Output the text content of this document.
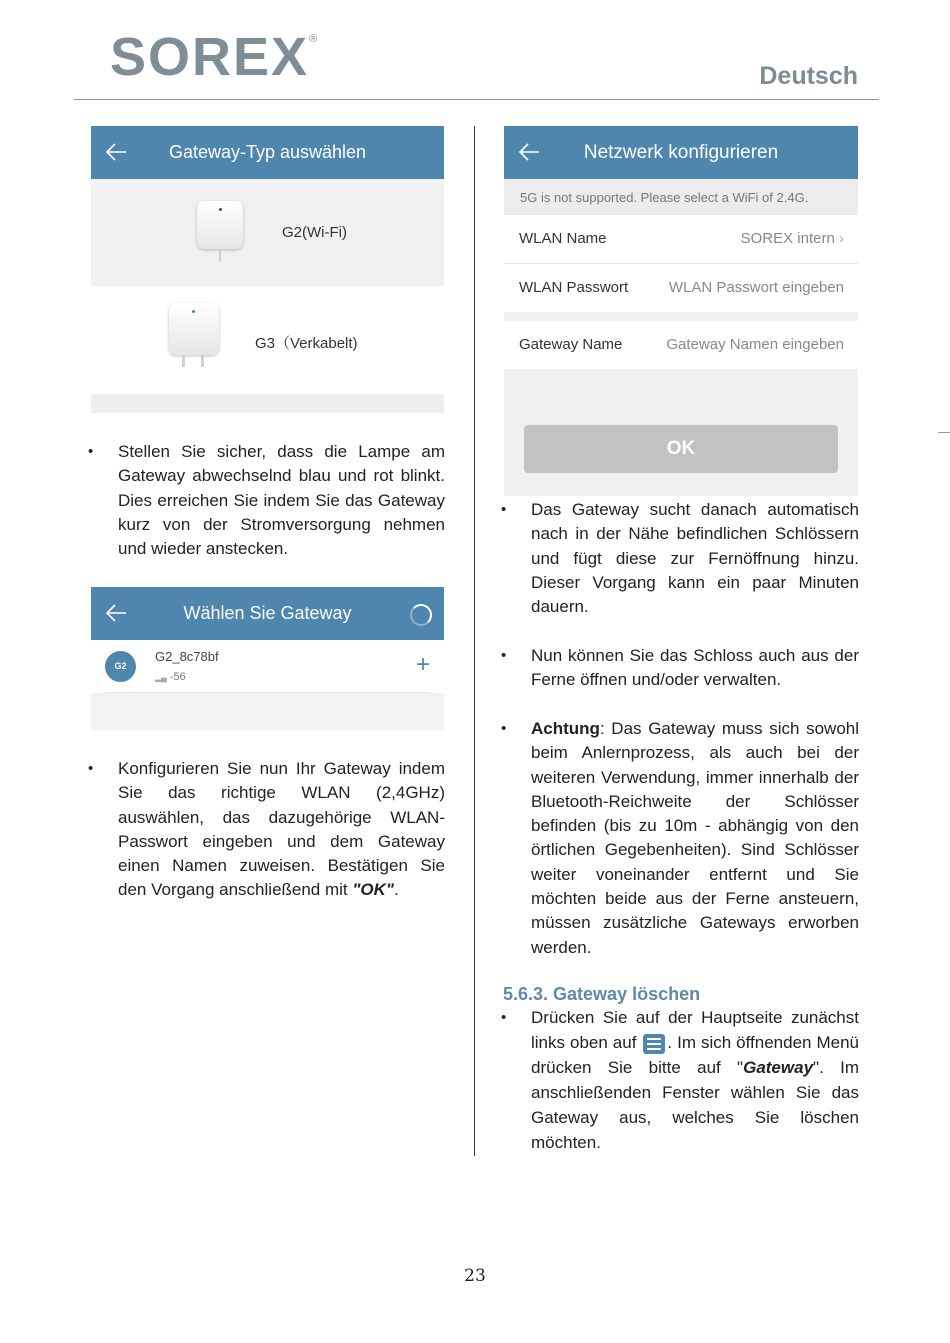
SOREX®
Deutsch
Gateway-Typ auswählen
G2(Wi-Fi)
G3（Verkabelt)
• Stellen Sie sicher, dass die Lampe am Gateway abwechselnd blau und rot blinkt. Dies erreichen Sie indem Sie das Gateway kurz von der Stromversorgung nehmen und wieder anstecken.
Wählen Sie Gateway
G2
G2_8c78bf
▂▄ -56	+
• Konfigurieren Sie nun Ihr Gateway indem Sie das richtige WLAN (2,4GHz) auswählen, das dazugehörige WLAN-Passwort eingeben und dem Gateway einen Namen zuweisen. Bestätigen Sie den Vorgang anschließend mit "OK".
Netzwerk konfigurieren
5G is not supported. Please select a WiFi of 2.4G.
WLAN Name	SOREX intern ›
WLAN Passwort	WLAN Passwort eingeben
Gateway Name	Gateway Namen eingeben
OK
• Das Gateway sucht danach automatisch nach in der Nähe befindlichen Schlössern und fügt diese zur Fernöffnung hinzu. Dieser Vorgang kann ein paar Minuten dauern.
• Nun können Sie das Schloss auch aus der Ferne öffnen und/oder verwalten.
• Achtung: Das Gateway muss sich sowohl beim Anlernprozess, als auch bei der weiteren Verwendung, immer innerhalb der Bluetooth-Reichweite der Schlösser befinden (bis zu 10m - abhängig von den örtlichen Gegebenheiten). Sind Schlösser weiter voneinander entfernt und Sie möchten beide aus der Ferne ansteuern, müssen zusätzliche Gateways erworben werden.
5.6.3. Gateway löschen
• Drücken Sie auf der Hauptseite zunächst links oben auf
. Im sich öffnenden Menü drücken Sie bitte auf "Gateway". Im anschließenden Fenster wählen Sie das Gateway aus, welches Sie löschen möchten.
23
